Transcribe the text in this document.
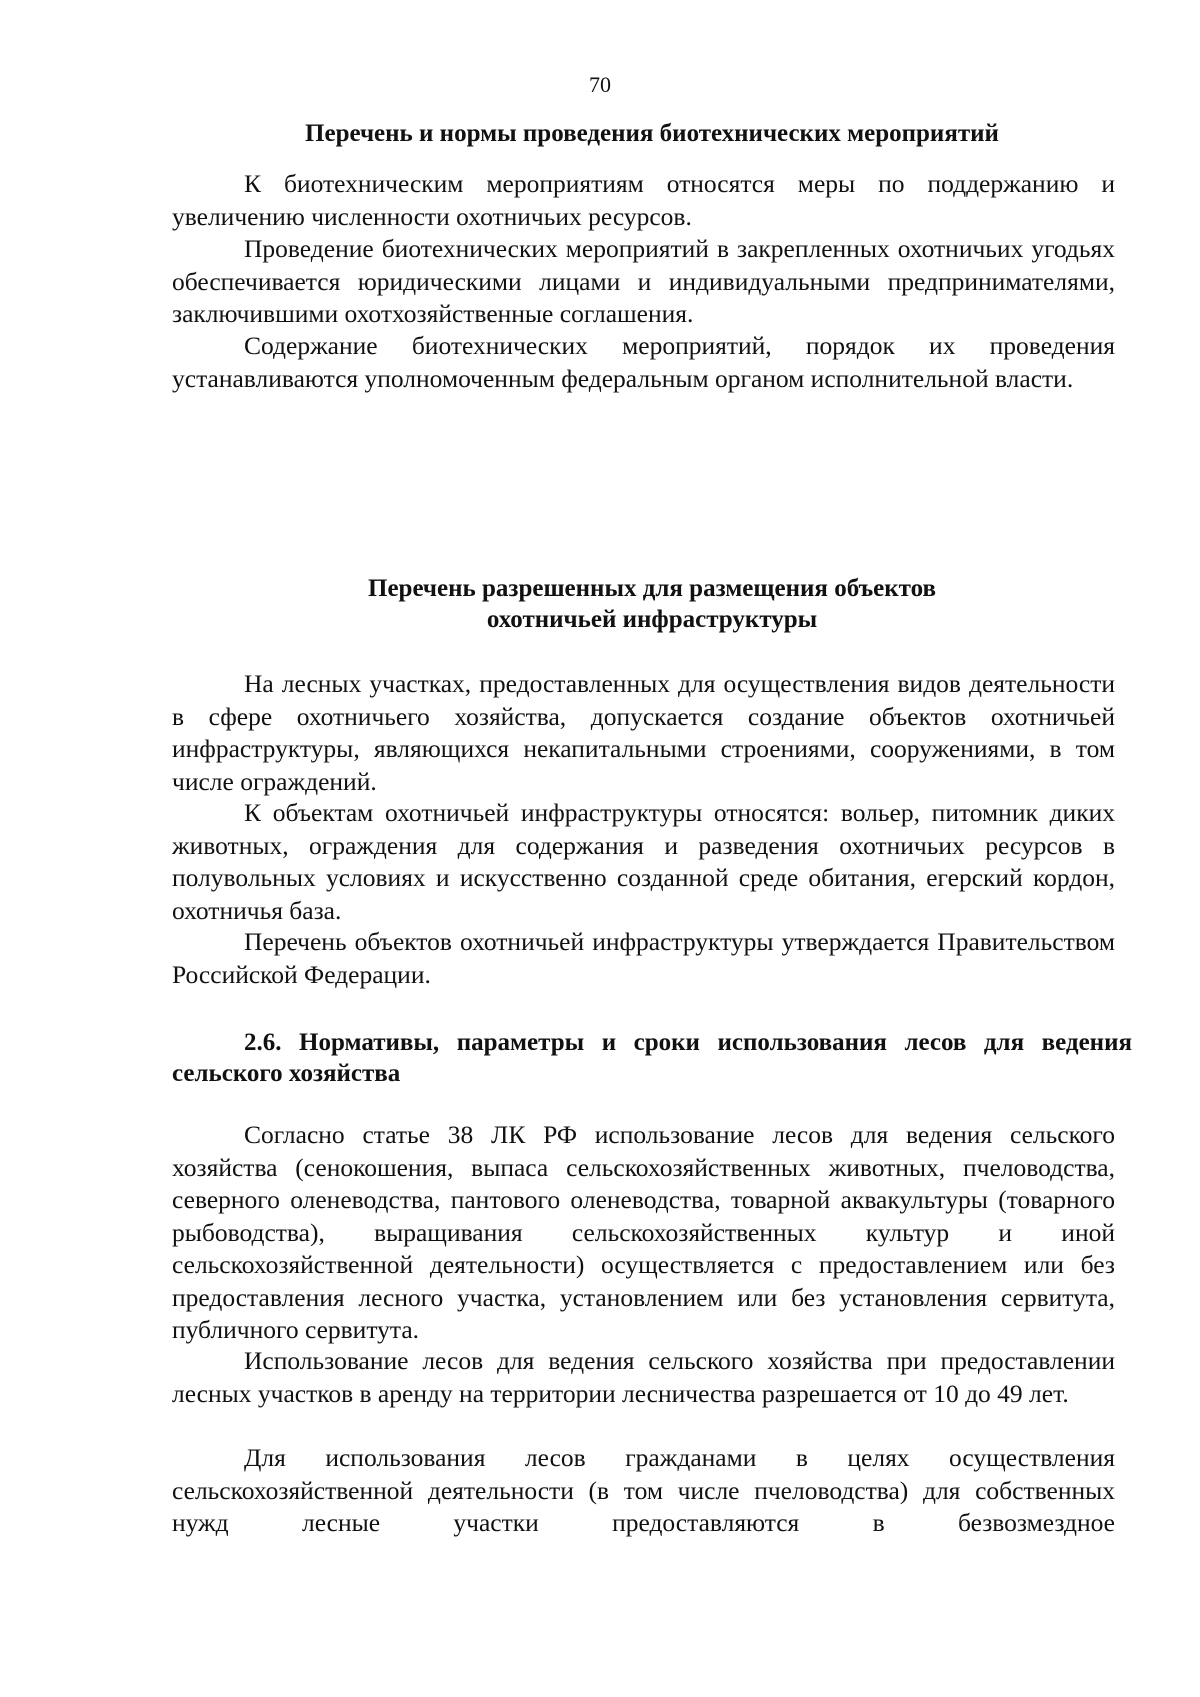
70
Перечень и нормы проведения биотехнических мероприятий

К биотехническим мероприятиям относятся меры по поддержанию и увеличению численности охотничьих ресурсов.

Проведение биотехнических мероприятий в закрепленных охотничьих угодьях обеспечивается юридическими лицами и индивидуальными предпринимателями, заключившими охотхозяйственные соглашения.

Содержание биотехнических мероприятий, порядок их проведения устанавливаются уполномоченным федеральным органом исполнительной власти.

Перечень разрешенных для размещения объектов
охотничьей инфраструктуры

На лесных участках, предоставленных для осуществления видов деятельности в сфере охотничьего хозяйства, допускается создание объектов охотничьей инфраструктуры, являющихся некапитальными строениями, сооружениями, в том числе ограждений.

К объектам охотничьей инфраструктуры относятся: вольер, питомник диких животных, ограждения для содержания и разведения охотничьих ресурсов в полувольных условиях и искусственно созданной среде обитания, егерский кордон, охотничья база.

Перечень объектов охотничьей инфраструктуры утверждается Правительством Российской Федерации.

2.6. Нормативы, параметры и сроки использования лесов для ведения сельского хозяйства

Согласно статье 38 ЛК РФ использование лесов для ведения сельского хозяйства (сенокошения, выпаса сельскохозяйственных животных, пчеловодства, северного оленеводства, пантового оленеводства, товарной аквакультуры (товарного рыбоводства), выращивания сельскохозяйственных культур и иной сельскохозяйственной деятельности) осуществляется с предоставлением или без предоставления лесного участка, установлением или без установления сервитута, публичного сервитута.

Использование лесов для ведения сельского хозяйства при предоставлении лесных участков в аренду на территории лесничества разрешается от 10 до 49 лет.

Для использования лесов гражданами в целях осуществления сельскохозяйственной деятельности (в том числе пчеловодства) для собственных нужд лесные участки предоставляются в безвозмездное
